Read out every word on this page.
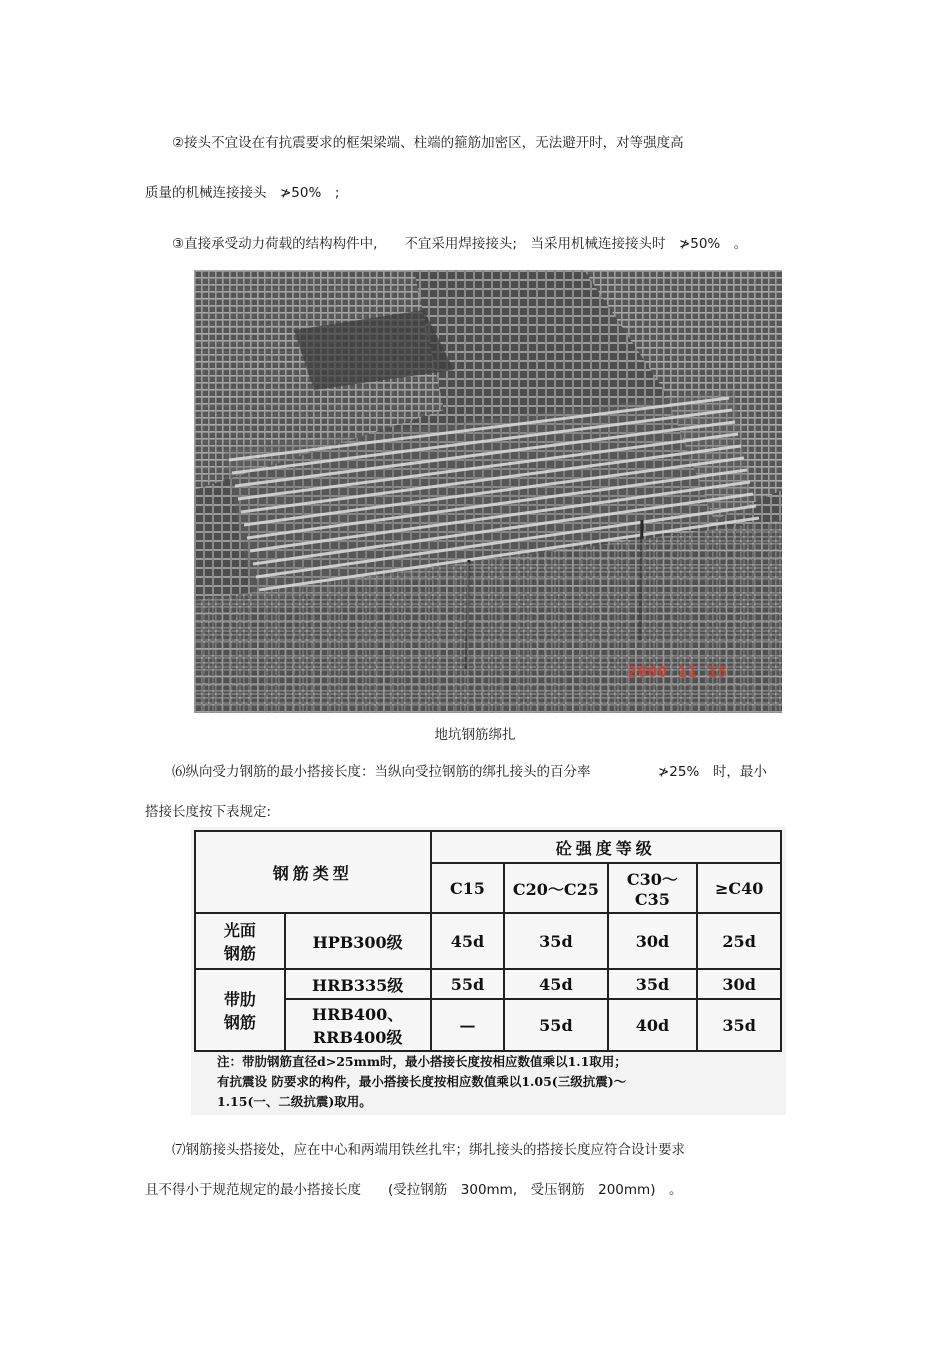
②接头不宜设在有抗震要求的框架梁端、柱端的箍筋加密区，无法避开时，对等强度高
质量的机械连接接头　≯50%　;
③直接承受动力荷载的结构构件中,　　不宜采用焊接接头;　当采用机械连接接头时　≯50%　。
2000 11 15
地坑钢筋绑扎
⑹纵向受力钢筋的最小搭接长度：当纵向受拉钢筋的绑扎接头的百分率　　　　　≯25%　时，最小
搭接长度按下表规定:
钢筋类型		砼强度等级			
		C15	C20～C25	C30～C35	≥C40
光面钢筋	HPB300级	45d	35d	30d	25d
带肋钢筋	HRB335级	55d	45d	35d	30d
	HRB400、RRB400级	—	55d	40d	35d
注：带肋钢筋直径d>25mm时，最小搭接长度按相应数值乘以1.1取用；
有抗震设 防要求的构件，最小搭接长度按相应数值乘以1.05(三级抗震)～
1.15(一、二级抗震)取用。
⑺钢筋接头搭接处，应在中心和两端用铁丝扎牢；绑扎接头的搭接长度应符合设计要求
且不得小于规范规定的最小搭接长度　　(受拉钢筋　300mm,　受压钢筋　200mm)　。
